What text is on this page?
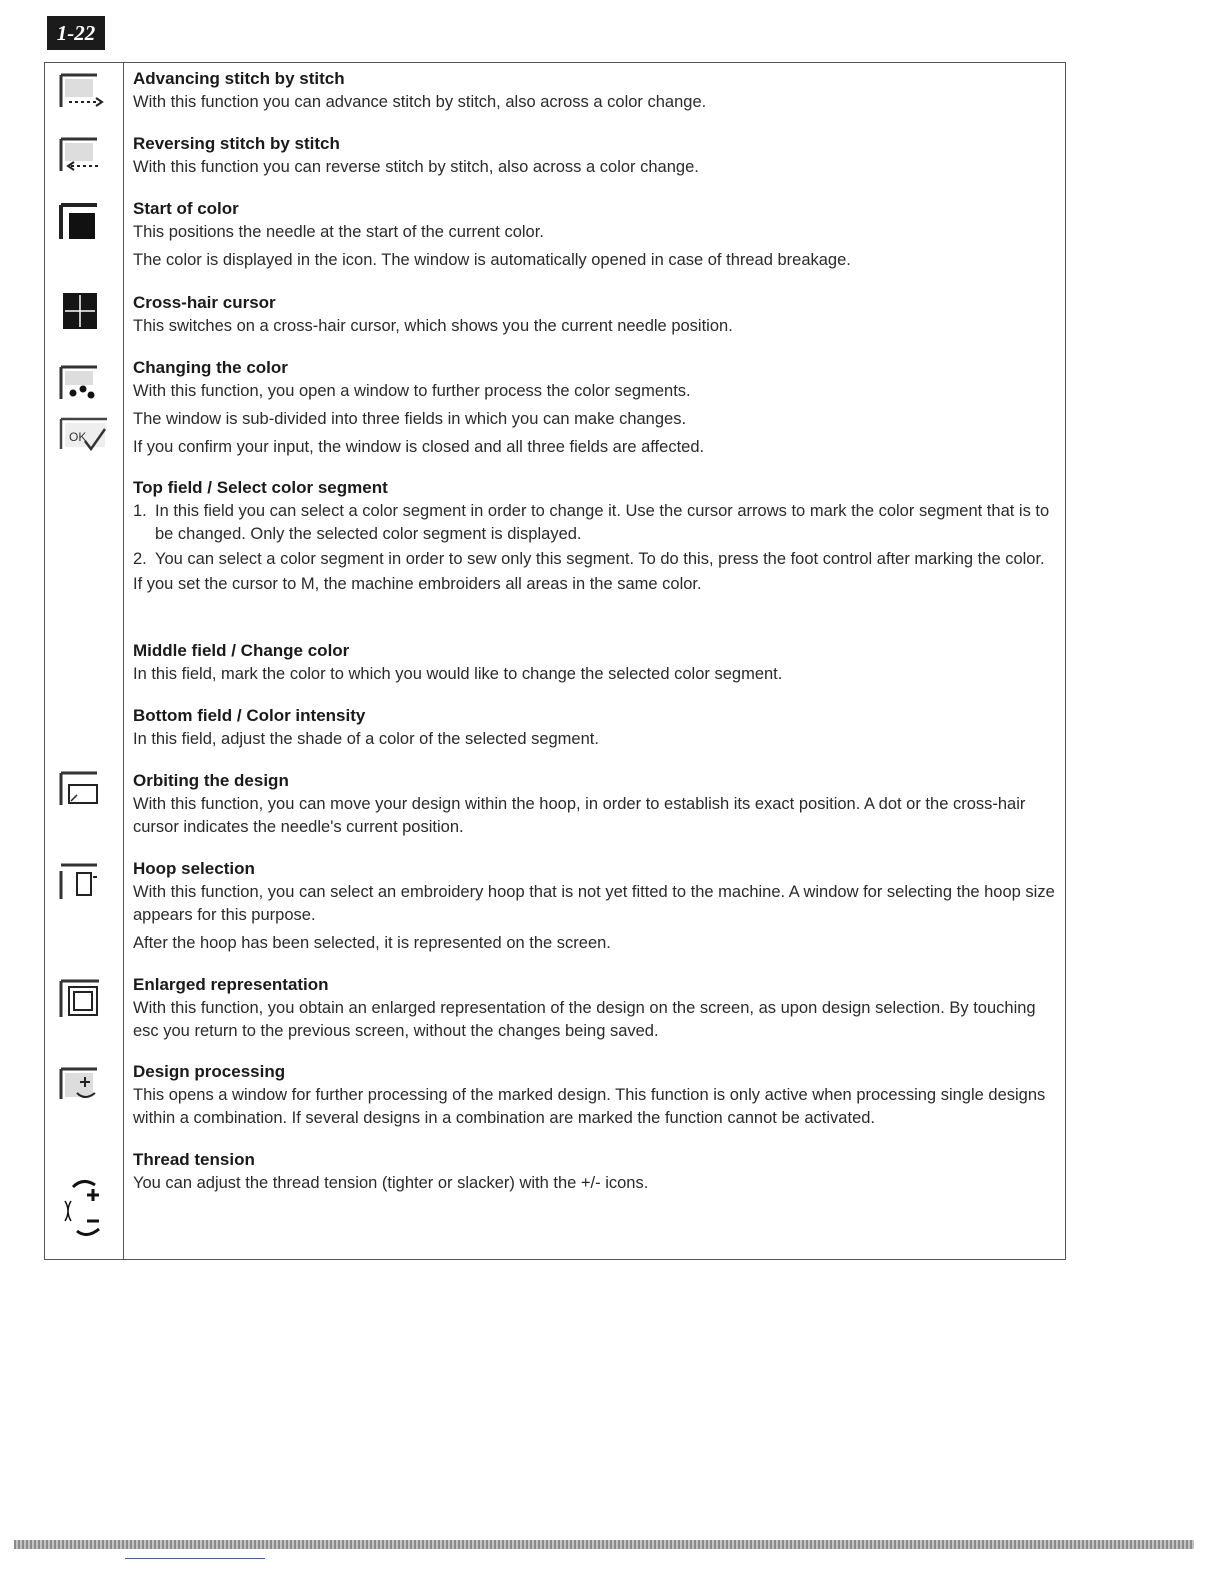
1-22
OK
Advancing stitch by stitch

With this function you can advance stitch by stitch, also across a color change.

Reversing stitch by stitch

With this function you can reverse stitch by stitch, also across a color change.

Start of color

This positions the needle at the start of the current color.

The color is displayed in the icon. The window is automatically opened in case of thread breakage.

Cross-hair cursor

This switches on a cross-hair cursor, which shows you the current needle position.

Changing the color

With this function, you open a window to further process the color segments.

The window is sub-divided into three fields in which you can make changes.

If you confirm your input, the window is closed and all three fields are affected.

Top field / Select color segment
1. In this field you can select a color segment in order to change it. Use the cursor arrows to mark the color segment that is to be changed. Only the selected color segment is displayed.
2. You can select a color segment in order to sew only this segment. To do this, press the foot control after marking the color.

If you set the cursor to M, the machine embroiders all areas in the same color.

Middle field / Change color

In this field, mark the color to which you would like to change the selected color segment.

Bottom field / Color intensity

In this field, adjust the shade of a color of the selected segment.

Orbiting the design

With this function, you can move your design within the hoop, in order to establish its exact position. A dot or the cross-hair cursor indicates the needle's current position.

Hoop selection

With this function, you can select an embroidery hoop that is not yet fitted to the machine. A window for selecting the hoop size appears for this purpose.

After the hoop has been selected, it is represented on the screen.

Enlarged representation

With this function, you obtain an enlarged representation of the design on the screen, as upon design selection. By touching esc you return to the previous screen, without the changes being saved.

Design processing

This opens a window for further processing of the marked design. This function is only active when processing single designs within a combination. If several designs in a combination are marked the function cannot be activated.

Thread tension

You can adjust the thread tension (tighter or slacker) with the +/- icons.
